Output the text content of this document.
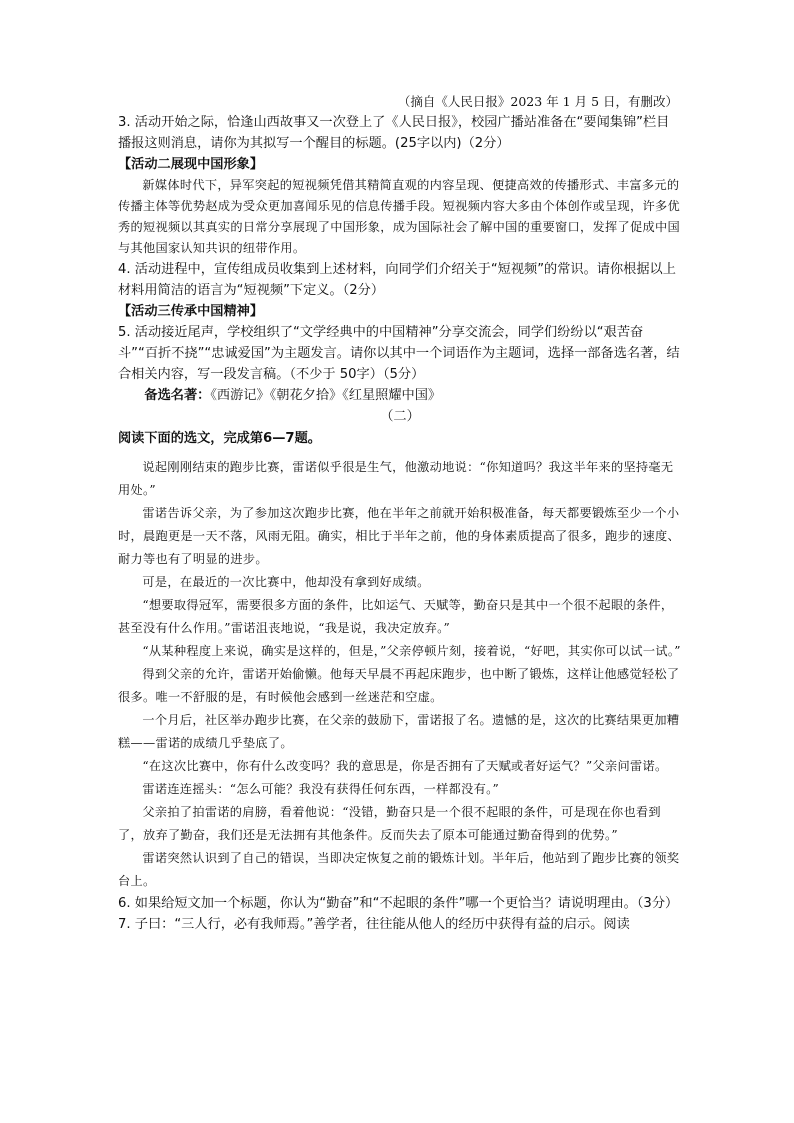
（摘自《人民日报》2023 年 1 月 5 日，有删改）

3. 活动开始之际，恰逢山西故事又一次登上了《人民日报》，校园广播站准备在“要闻集锦”栏目播报这则消息，请你为其拟写一个醒目的标题。(25字以内)（2分）

【活动二展现中国形象】

新媒体时代下，异军突起的短视频凭借其精简直观的内容呈现、便捷高效的传播形式、丰富多元的传播主体等优势赵成为受众更加喜闻乐见的信息传播手段。短视频内容大多由个体创作或呈现，许多优秀的短视频以其真实的日常分享展现了中国形象，成为国际社会了解中国的重要窗口，发挥了促成中国与其他国家认知共识的纽带作用。

4. 活动进程中，宣传组成员收集到上述材料，向同学们介绍关于“短视频”的常识。请你根据以上材料用简洁的语言为“短视频”下定义。（2分）

【活动三传承中国精神】

5. 活动接近尾声，学校组织了“文学经典中的中国精神”分享交流会，同学们纷纷以“艰苦奋斗”“百折不挠”“忠诚爱国”为主题发言。请你以其中一个词语作为主题词，选择一部备选名著，结合相关内容，写一段发言稿。（不少于 50字）（5分）

备选名著：《西游记》《朝花夕拾》《红星照耀中国》

（二）

阅读下面的选文，完成第6—7题。

说起刚刚结束的跑步比赛，雷诺似乎很是生气，他激动地说：“你知道吗？我这半年来的坚持毫无用处。”

雷诺告诉父亲，为了参加这次跑步比赛，他在半年之前就开始积极准备，每天都要锻炼至少一个小时，晨跑更是一天不落，风雨无阻。确实，相比于半年之前，他的身体素质提高了很多，跑步的速度、耐力等也有了明显的进步。

可是，在最近的一次比赛中，他却没有拿到好成绩。

“想要取得冠军，需要很多方面的条件，比如运气、天赋等，勤奋只是其中一个很不起眼的条件，甚至没有什么作用。”雷诺沮丧地说，“我是说，我决定放弃。”

“从某种程度上来说，确实是这样的，但是，”父亲停顿片刻，接着说，“好吧，其实你可以试一试。”

得到父亲的允许，雷诺开始偷懒。他每天早晨不再起床跑步，也中断了锻炼，这样让他感觉轻松了很多。唯一不舒服的是，有时候他会感到一丝迷茫和空虚。

一个月后，社区举办跑步比赛，在父亲的鼓励下，雷诺报了名。遗憾的是，这次的比赛结果更加糟糕——雷诺的成绩几乎垫底了。

“在这次比赛中，你有什么改变吗？我的意思是，你是否拥有了天赋或者好运气？”父亲问雷诺。

雷诺连连摇头：“怎么可能？我没有获得任何东西，一样都没有。”

父亲拍了拍雷诺的肩膀，看着他说：“没错，勤奋只是一个很不起眼的条件，可是现在你也看到了，放弃了勤奋，我们还是无法拥有其他条件。反而失去了原本可能通过勤奋得到的优势。”

雷诺突然认识到了自己的错误，当即决定恢复之前的锻炼计划。半年后，他站到了跑步比赛的领奖台上。

6. 如果给短文加一个标题，你认为“勤奋”和“不起眼的条件”哪一个更恰当？请说明理由。（3分）

7. 子曰：“三人行，必有我师焉。”善学者，往往能从他人的经历中获得有益的启示。阅读
